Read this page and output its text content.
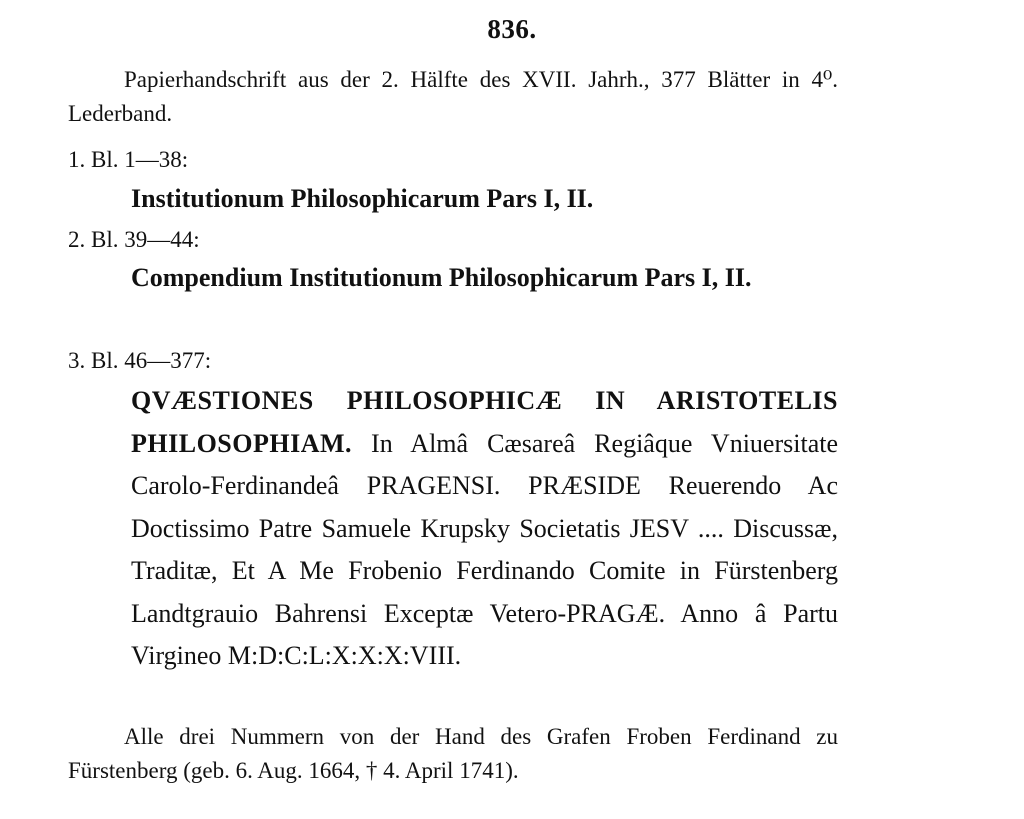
836.
Papierhandschrift aus der 2. Hälfte des XVII. Jahrh., 377 Blätter in 4⁰. Lederband.
1. Bl. 1—38:
Institutionum Philosophicarum Pars I, II.
2. Bl. 39—44:
Compendium Institutionum Philosophicarum Pars I, II.
3. Bl. 46—377:
QVÆSTIONES PHILOSOPHICÆ IN ARISTOTELIS PHILOSOPHIAM. In Almâ Cæsareâ Regiâque Vniuersitate Carolo-Ferdinandeâ PRAGENSI. PRÆSIDE Reuerendo Ac Doctissimo Patre Samuele Krupsky Societatis JESV .... Discussæ, Traditæ, Et A Me Frobenio Ferdinando Comite in Fürstenberg Landtgrauio Bahrensi Exceptæ Vetero-PRAGÆ. Anno â Partu Virgineo M:D:C:L:X:X:X:VIII.
Alle drei Nummern von der Hand des Grafen Froben Ferdinand zu Fürstenberg (geb. 6. Aug. 1664, † 4. April 1741).
